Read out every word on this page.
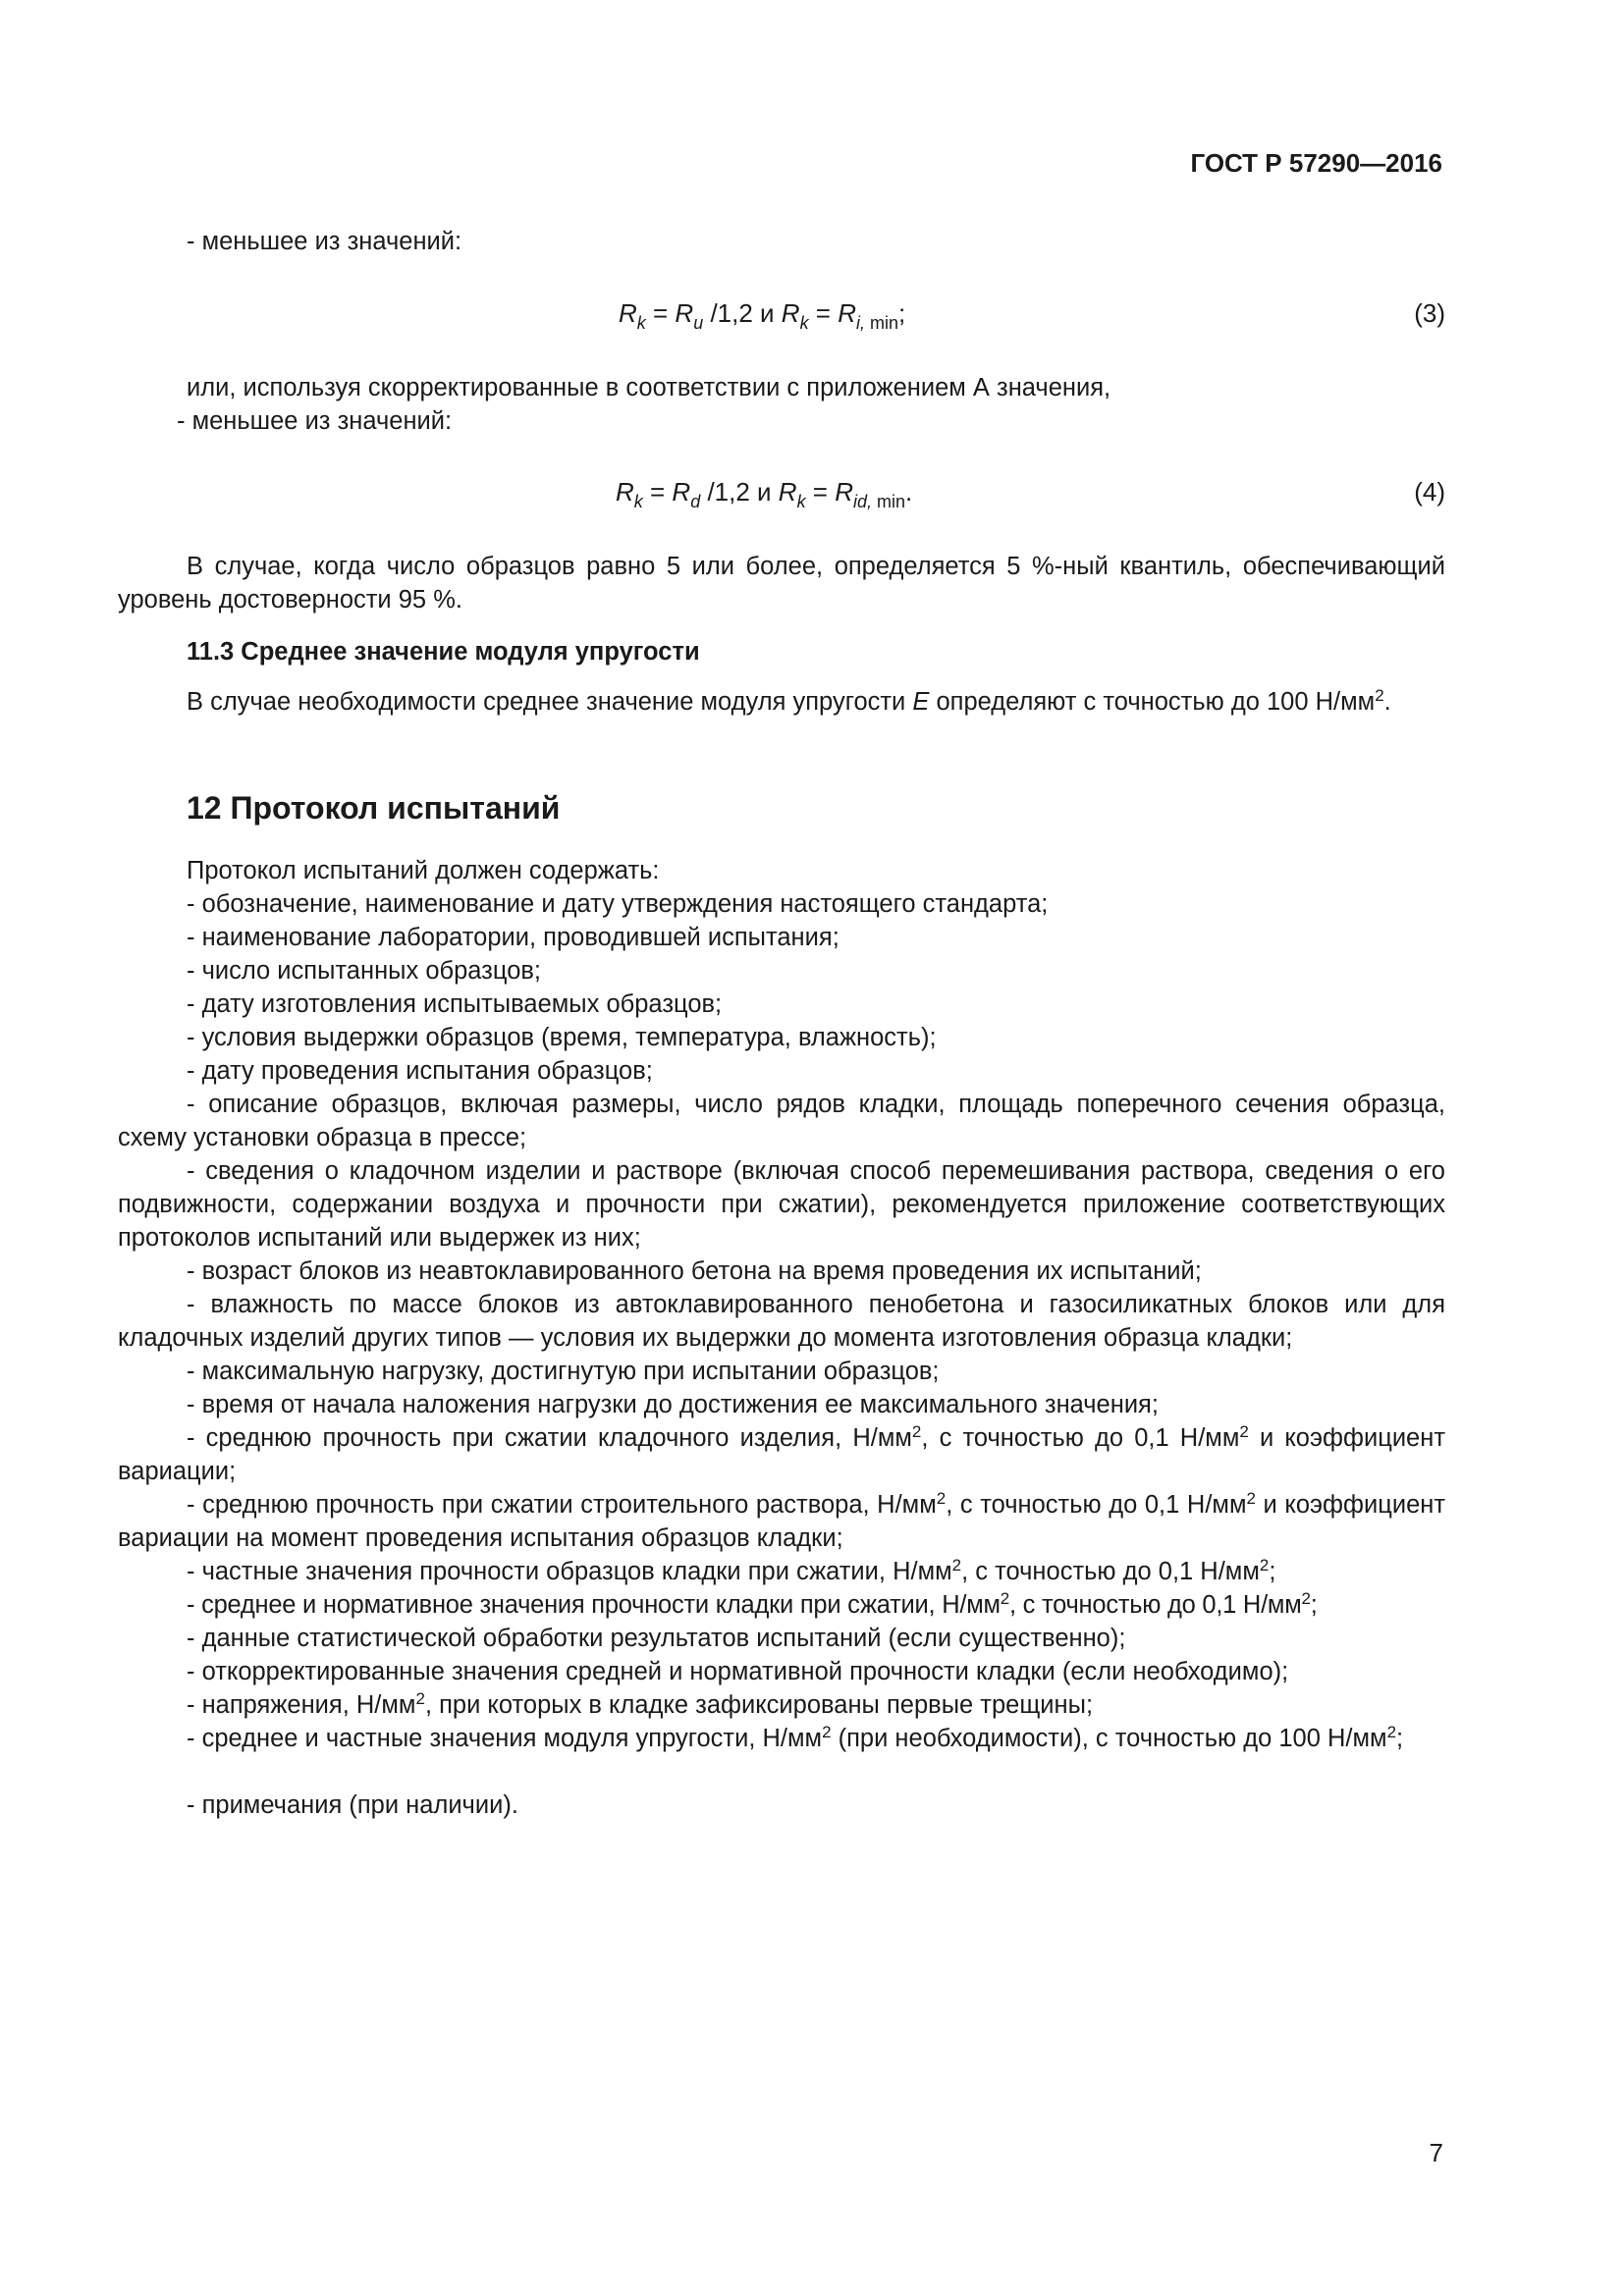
ГОСТ Р 57290—2016
- меньшее из значений:
$R_k = R_u$ /1,2 и $R_k = R_{i, min}$;	(3)
или, используя скорректированные в соответствии с приложением А значения,
- меньшее из значений:
$R_k = R_d$ /1,2 и $R_k = R_{id, min}$.	(4)
В случае, когда число образцов равно 5 или более, определяется 5 %-ный квантиль, обеспечивающий уровень достоверности 95 %.
11.3 Среднее значение модуля упругости
В случае необходимости среднее значение модуля упругости E определяют с точностью до 100 $Н/мм^2$.
12 Протокол испытаний
Протокол испытаний должен содержать:
- обозначение, наименование и дату утверждения настоящего стандарта;
- наименование лаборатории, проводившей испытания;
- число испытанных образцов;
- дату изготовления испытываемых образцов;
- условия выдержки образцов (время, температура, влажность);
- дату проведения испытания образцов;
- описание образцов, включая размеры, число рядов кладки, площадь поперечного сечения образца, схему установки образца в прессе;
- сведения о кладочном изделии и растворе (включая способ перемешивания раствора, сведения о его подвижности, содержании воздуха и прочности при сжатии), рекомендуется приложение соответствующих протоколов испытаний или выдержек из них;
- возраст блоков из неавтоклавированного бетона на время проведения их испытаний;
- влажность по массе блоков из автоклавированного пенобетона и газосиликатных блоков или для кладочных изделий других типов — условия их выдержки до момента изготовления образца кладки;
- максимальную нагрузку, достигнутую при испытании образцов;
- время от начала наложения нагрузки до достижения ее максимального значения;
- среднюю прочность при сжатии кладочного изделия, $Н/мм^2$, с точностью до 0,1 $Н/мм^2$ и коэффициент вариации;
- среднюю прочность при сжатии строительного раствора, $Н/мм^2$, с точностью до 0,1 $Н/мм^2$ и коэффициент вариации на момент проведения испытания образцов кладки;
- частные значения прочности образцов кладки при сжатии, $Н/мм^2$, с точностью до 0,1 $Н/мм^2$;
- среднее и нормативное значения прочности кладки при сжатии, $Н/мм^2$, с точностью до 0,1 $Н/мм^2$;
- данные статистической обработки результатов испытаний (если существенно);
- откорректированные значения средней и нормативной прочности кладки (если необходимо);
- напряжения, $Н/мм^2$, при которых в кладке зафиксированы первые трещины;
- среднее и частные значения модуля упругости, $Н/мм^2$ (при необходимости), с точностью до 100 $Н/мм^2$;
- примечания (при наличии).
7
